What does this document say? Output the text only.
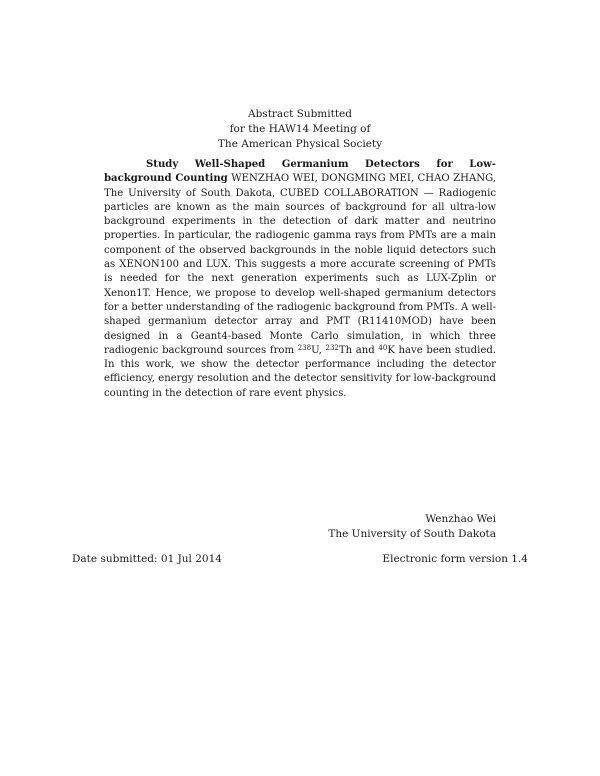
Abstract Submitted
for the HAW14 Meeting of
The American Physical Society
Study Well-Shaped Germanium Detectors for Low-background Counting WENZHAO WEI, DONGMING MEI, CHAO ZHANG, The University of South Dakota, CUBED COLLABORATION — Radiogenic particles are known as the main sources of background for all ultra-low background experiments in the detection of dark matter and neutrino properties. In particular, the radiogenic gamma rays from PMTs are a main component of the observed backgrounds in the noble liquid detectors such as XENON100 and LUX. This suggests a more accurate screening of PMTs is needed for the next generation experiments such as LUX-Zplin or Xenon1T. Hence, we propose to develop well-shaped germanium detectors for a better understanding of the radiogenic background from PMTs. A well-shaped germanium detector array and PMT (R11410MOD) have been designed in a Geant4-based Monte Carlo simulation, in which three radiogenic background sources from $^{238}$U, $^{232}$Th and $^{40}$K have been studied. In this work, we show the detector performance including the detector efficiency, energy resolution and the detector sensitivity for low-background counting in the detection of rare event physics.
Wenzhao Wei
The University of South Dakota
Date submitted: 01 Jul 2014	Electronic form version 1.4
